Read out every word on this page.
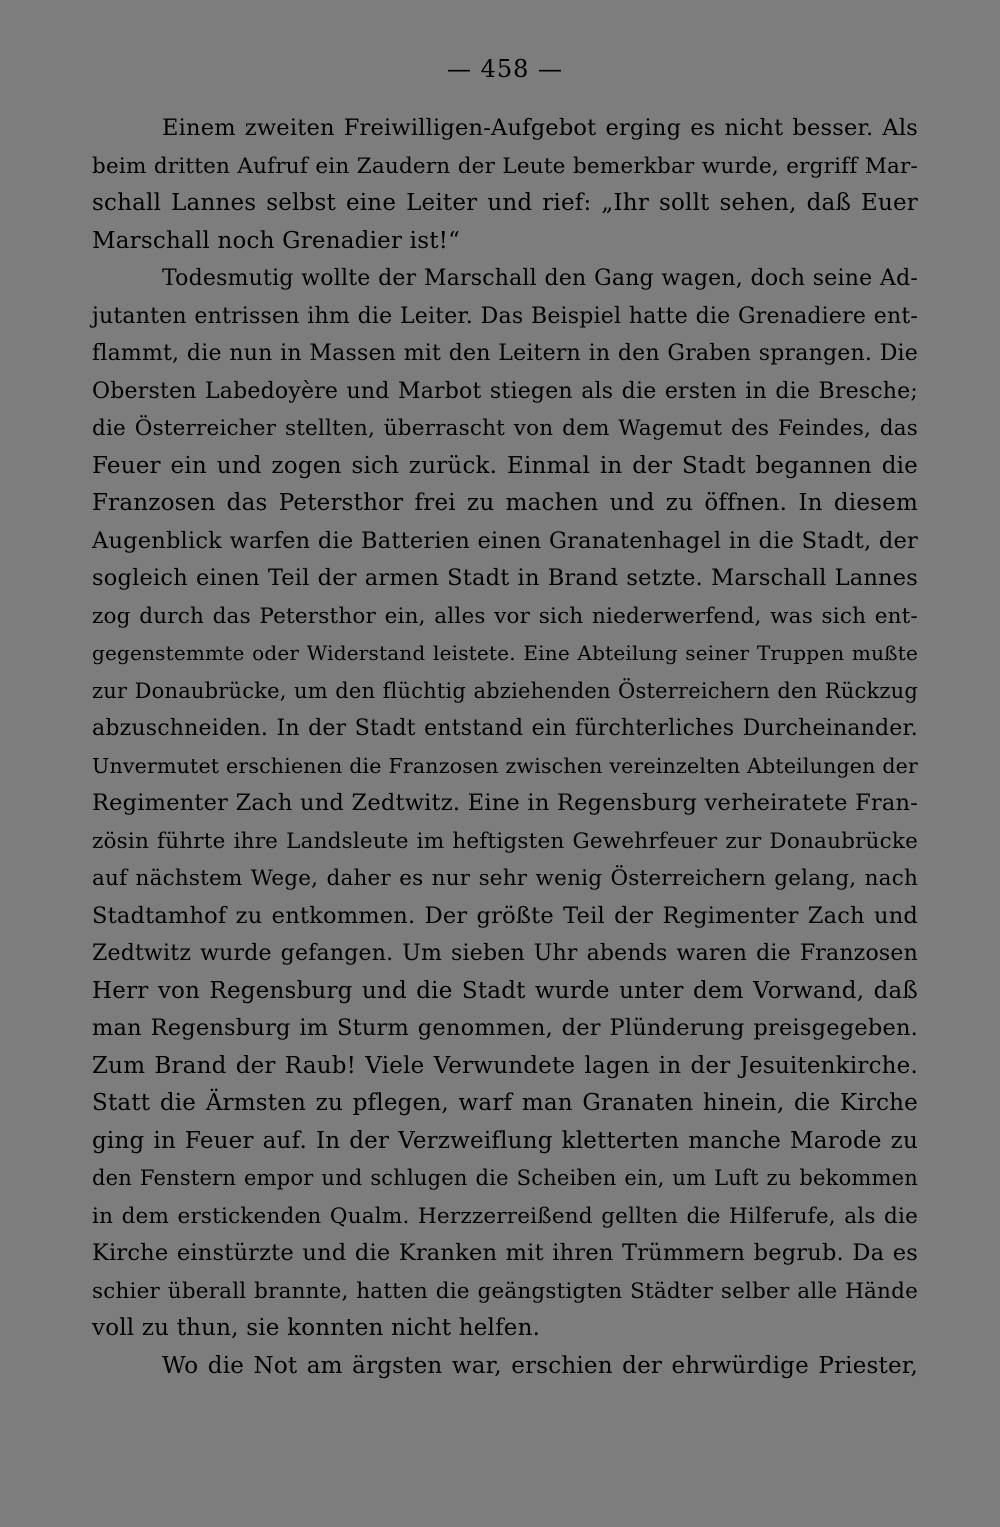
— 458 —
Einem zweiten Freiwilligen-Aufgebot erging es nicht besser. Als
beim dritten Aufruf ein Zaudern der Leute bemerkbar wurde, ergriff Mar-
schall Lannes selbst eine Leiter und rief: „Ihr sollt sehen, daß Euer
Marschall noch Grenadier ist!“
Todesmutig wollte der Marschall den Gang wagen, doch seine Ad-
jutanten entrissen ihm die Leiter. Das Beispiel hatte die Grenadiere ent-
flammt, die nun in Massen mit den Leitern in den Graben sprangen. Die
Obersten Labedoyère und Marbot stiegen als die ersten in die Bresche;
die Österreicher stellten, überrascht von dem Wagemut des Feindes, das
Feuer ein und zogen sich zurück. Einmal in der Stadt begannen die
Franzosen das Petersthor frei zu machen und zu öffnen. In diesem
Augenblick warfen die Batterien einen Granatenhagel in die Stadt, der
sogleich einen Teil der armen Stadt in Brand setzte. Marschall Lannes
zog durch das Petersthor ein, alles vor sich niederwerfend, was sich ent-
gegenstemmte oder Widerstand leistete. Eine Abteilung seiner Truppen mußte
zur Donaubrücke, um den flüchtig abziehenden Österreichern den Rückzug
abzuschneiden. In der Stadt entstand ein fürchterliches Durcheinander.
Unvermutet erschienen die Franzosen zwischen vereinzelten Abteilungen der
Regimenter Zach und Zedtwitz. Eine in Regensburg verheiratete Fran-
zösin führte ihre Landsleute im heftigsten Gewehrfeuer zur Donaubrücke
auf nächstem Wege, daher es nur sehr wenig Österreichern gelang, nach
Stadtamhof zu entkommen. Der größte Teil der Regimenter Zach und
Zedtwitz wurde gefangen. Um sieben Uhr abends waren die Franzosen
Herr von Regensburg und die Stadt wurde unter dem Vorwand, daß
man Regensburg im Sturm genommen, der Plünderung preisgegeben.
Zum Brand der Raub! Viele Verwundete lagen in der Jesuitenkirche.
Statt die Ärmsten zu pflegen, warf man Granaten hinein, die Kirche
ging in Feuer auf. In der Verzweiflung kletterten manche Marode zu
den Fenstern empor und schlugen die Scheiben ein, um Luft zu bekommen
in dem erstickenden Qualm. Herzzerreißend gellten die Hilferufe, als die
Kirche einstürzte und die Kranken mit ihren Trümmern begrub. Da es
schier überall brannte, hatten die geängstigten Städter selber alle Hände
voll zu thun, sie konnten nicht helfen.
Wo die Not am ärgsten war, erschien der ehrwürdige Priester,
